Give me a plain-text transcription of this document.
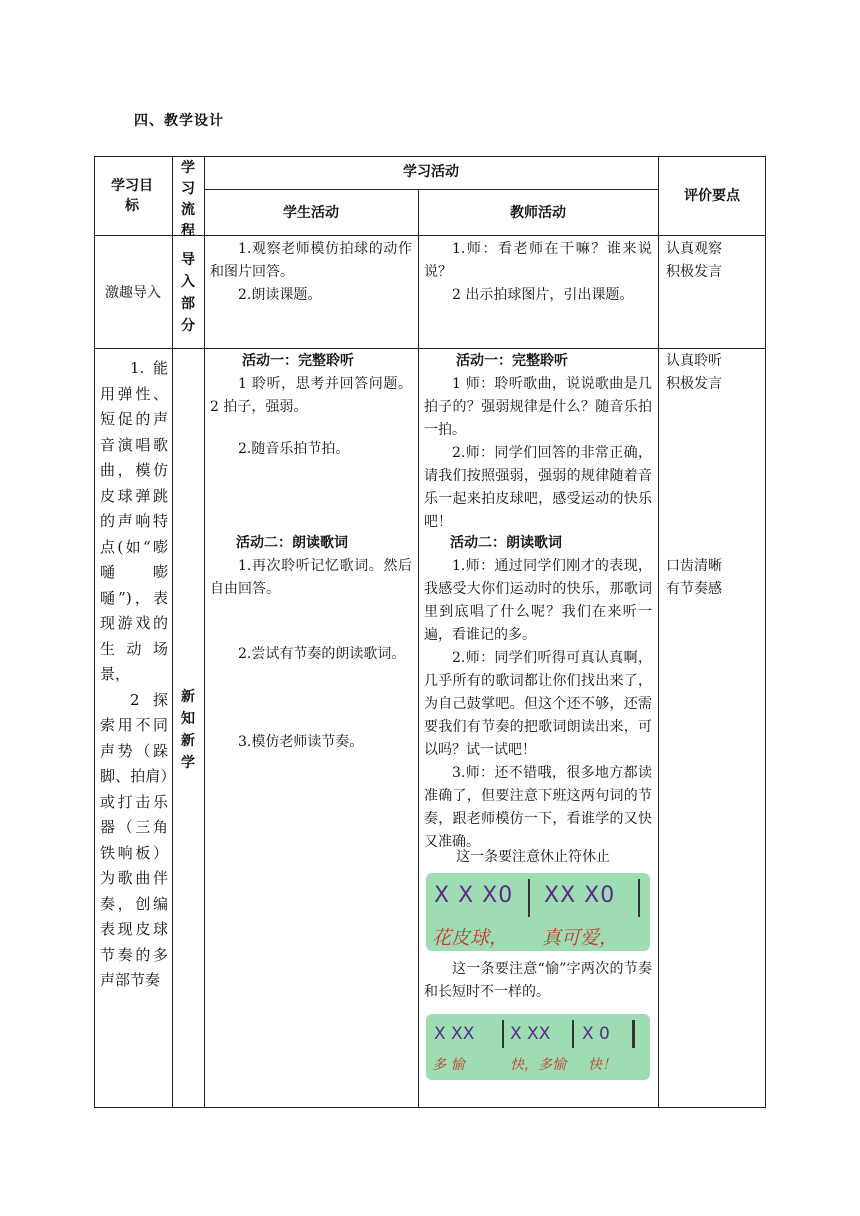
四、教学设计
学习目标
学习流程
学习活动
学生活动	教师活动
评价要点
激趣导入
导入部分

1.观察老师模仿拍球的动作和图片回答。

2.朗读课题。

1.师：看老师在干嘛？谁来说说？

2 出示拍球图片，引出课题。

认真观察
积极发言

1.能用弹性、短促的声音演唱歌曲，模仿皮球弹跳的声响特点(如“嘭嗵嘭嗵”)，表现游戏的生动场景，

2 探索用不同声势（跺脚、拍肩）或打击乐器（三角铁响板）为歌曲伴奏，创编表现皮球节奏的多声部节奏

新知新学
活动一：完整聆听

1 聆听，思考并回答问题。2 拍子，强弱。

2.随音乐拍节拍。

活动二：朗读歌词

1.再次聆听记忆歌词。然后自由回答。

2.尝试有节奏的朗读歌词。

3.模仿老师读节奏。

活动一：完整聆听

1 师：聆听歌曲，说说歌曲是几拍子的？强弱规律是什么？随音乐拍一拍。

2.师：同学们回答的非常正确，请我们按照强弱，强弱的规律随着音乐一起来拍皮球吧，感受运动的快乐吧！

活动二：朗读歌词

1.师：通过同学们刚才的表现，我感受大你们运动时的快乐，那歌词里到底唱了什么呢？我们在来听一遍，看谁记的多。

2.师：同学们听得可真认真啊，几乎所有的歌词都让你们找出来了，为自己鼓掌吧。但这个还不够，还需要我们有节奏的把歌词朗读出来，可以吗？试一试吧！

3.师：还不错哦，很多地方都读准确了，但要注意下班这两句词的节奏，跟老师模仿一下，看谁学的又快又准确。

这一条要注意休止符休止
X X X0 XX X0
花皮球， 真可爱，

这一条要注意“愉”字两次的节奏和长短时不一样的。

X XX X XX X 0
多 愉	快，多愉 快！
认真聆听
积极发言
口齿清晰
有节奏感
